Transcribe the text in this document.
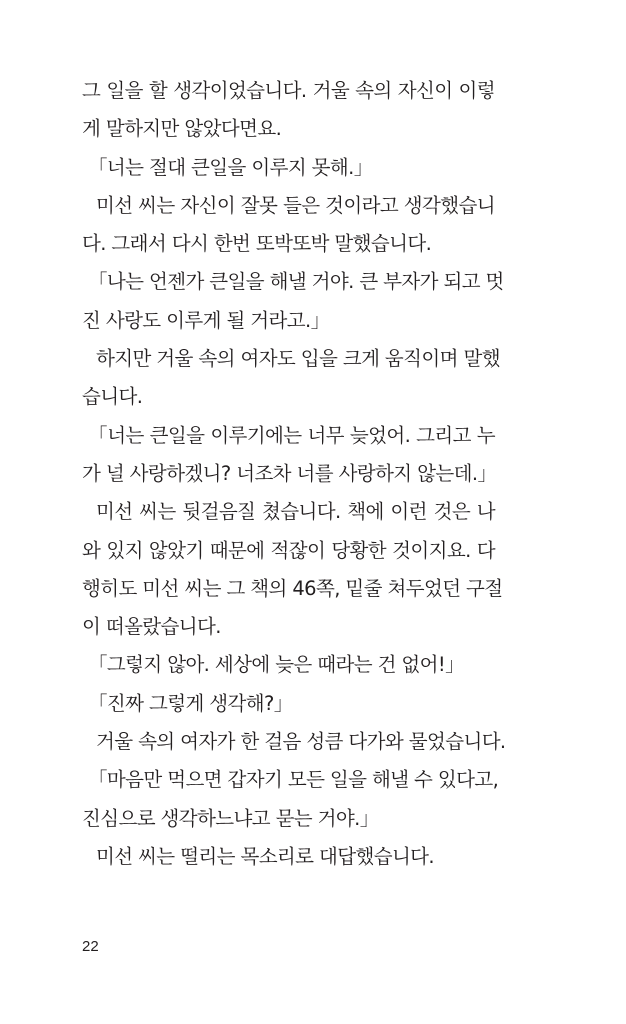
그 일을 할 생각이었습니다. 거울 속의 자신이 이렇
게 말하지만 않았다면요.
「너는 절대 큰일을 이루지 못해.」
미선 씨는 자신이 잘못 들은 것이라고 생각했습니
다. 그래서 다시 한번 또박또박 말했습니다.
「나는 언젠가 큰일을 해낼 거야. 큰 부자가 되고 멋
진 사랑도 이루게 될 거라고.」
하지만 거울 속의 여자도 입을 크게 움직이며 말했
습니다.
「너는 큰일을 이루기에는 너무 늦었어. 그리고 누
가 널 사랑하겠니? 너조차 너를 사랑하지 않는데.」
미선 씨는 뒷걸음질 쳤습니다. 책에 이런 것은 나
와 있지 않았기 때문에 적잖이 당황한 것이지요. 다
행히도 미선 씨는 그 책의 46쪽, 밑줄 쳐두었던 구절
이 떠올랐습니다.
「그렇지 않아. 세상에 늦은 때라는 건 없어!」
「진짜 그렇게 생각해?」
거울 속의 여자가 한 걸음 성큼 다가와 물었습니다.
「마음만 먹으면 갑자기 모든 일을 해낼 수 있다고,
진심으로 생각하느냐고 묻는 거야.」
미선 씨는 떨리는 목소리로 대답했습니다.
22
